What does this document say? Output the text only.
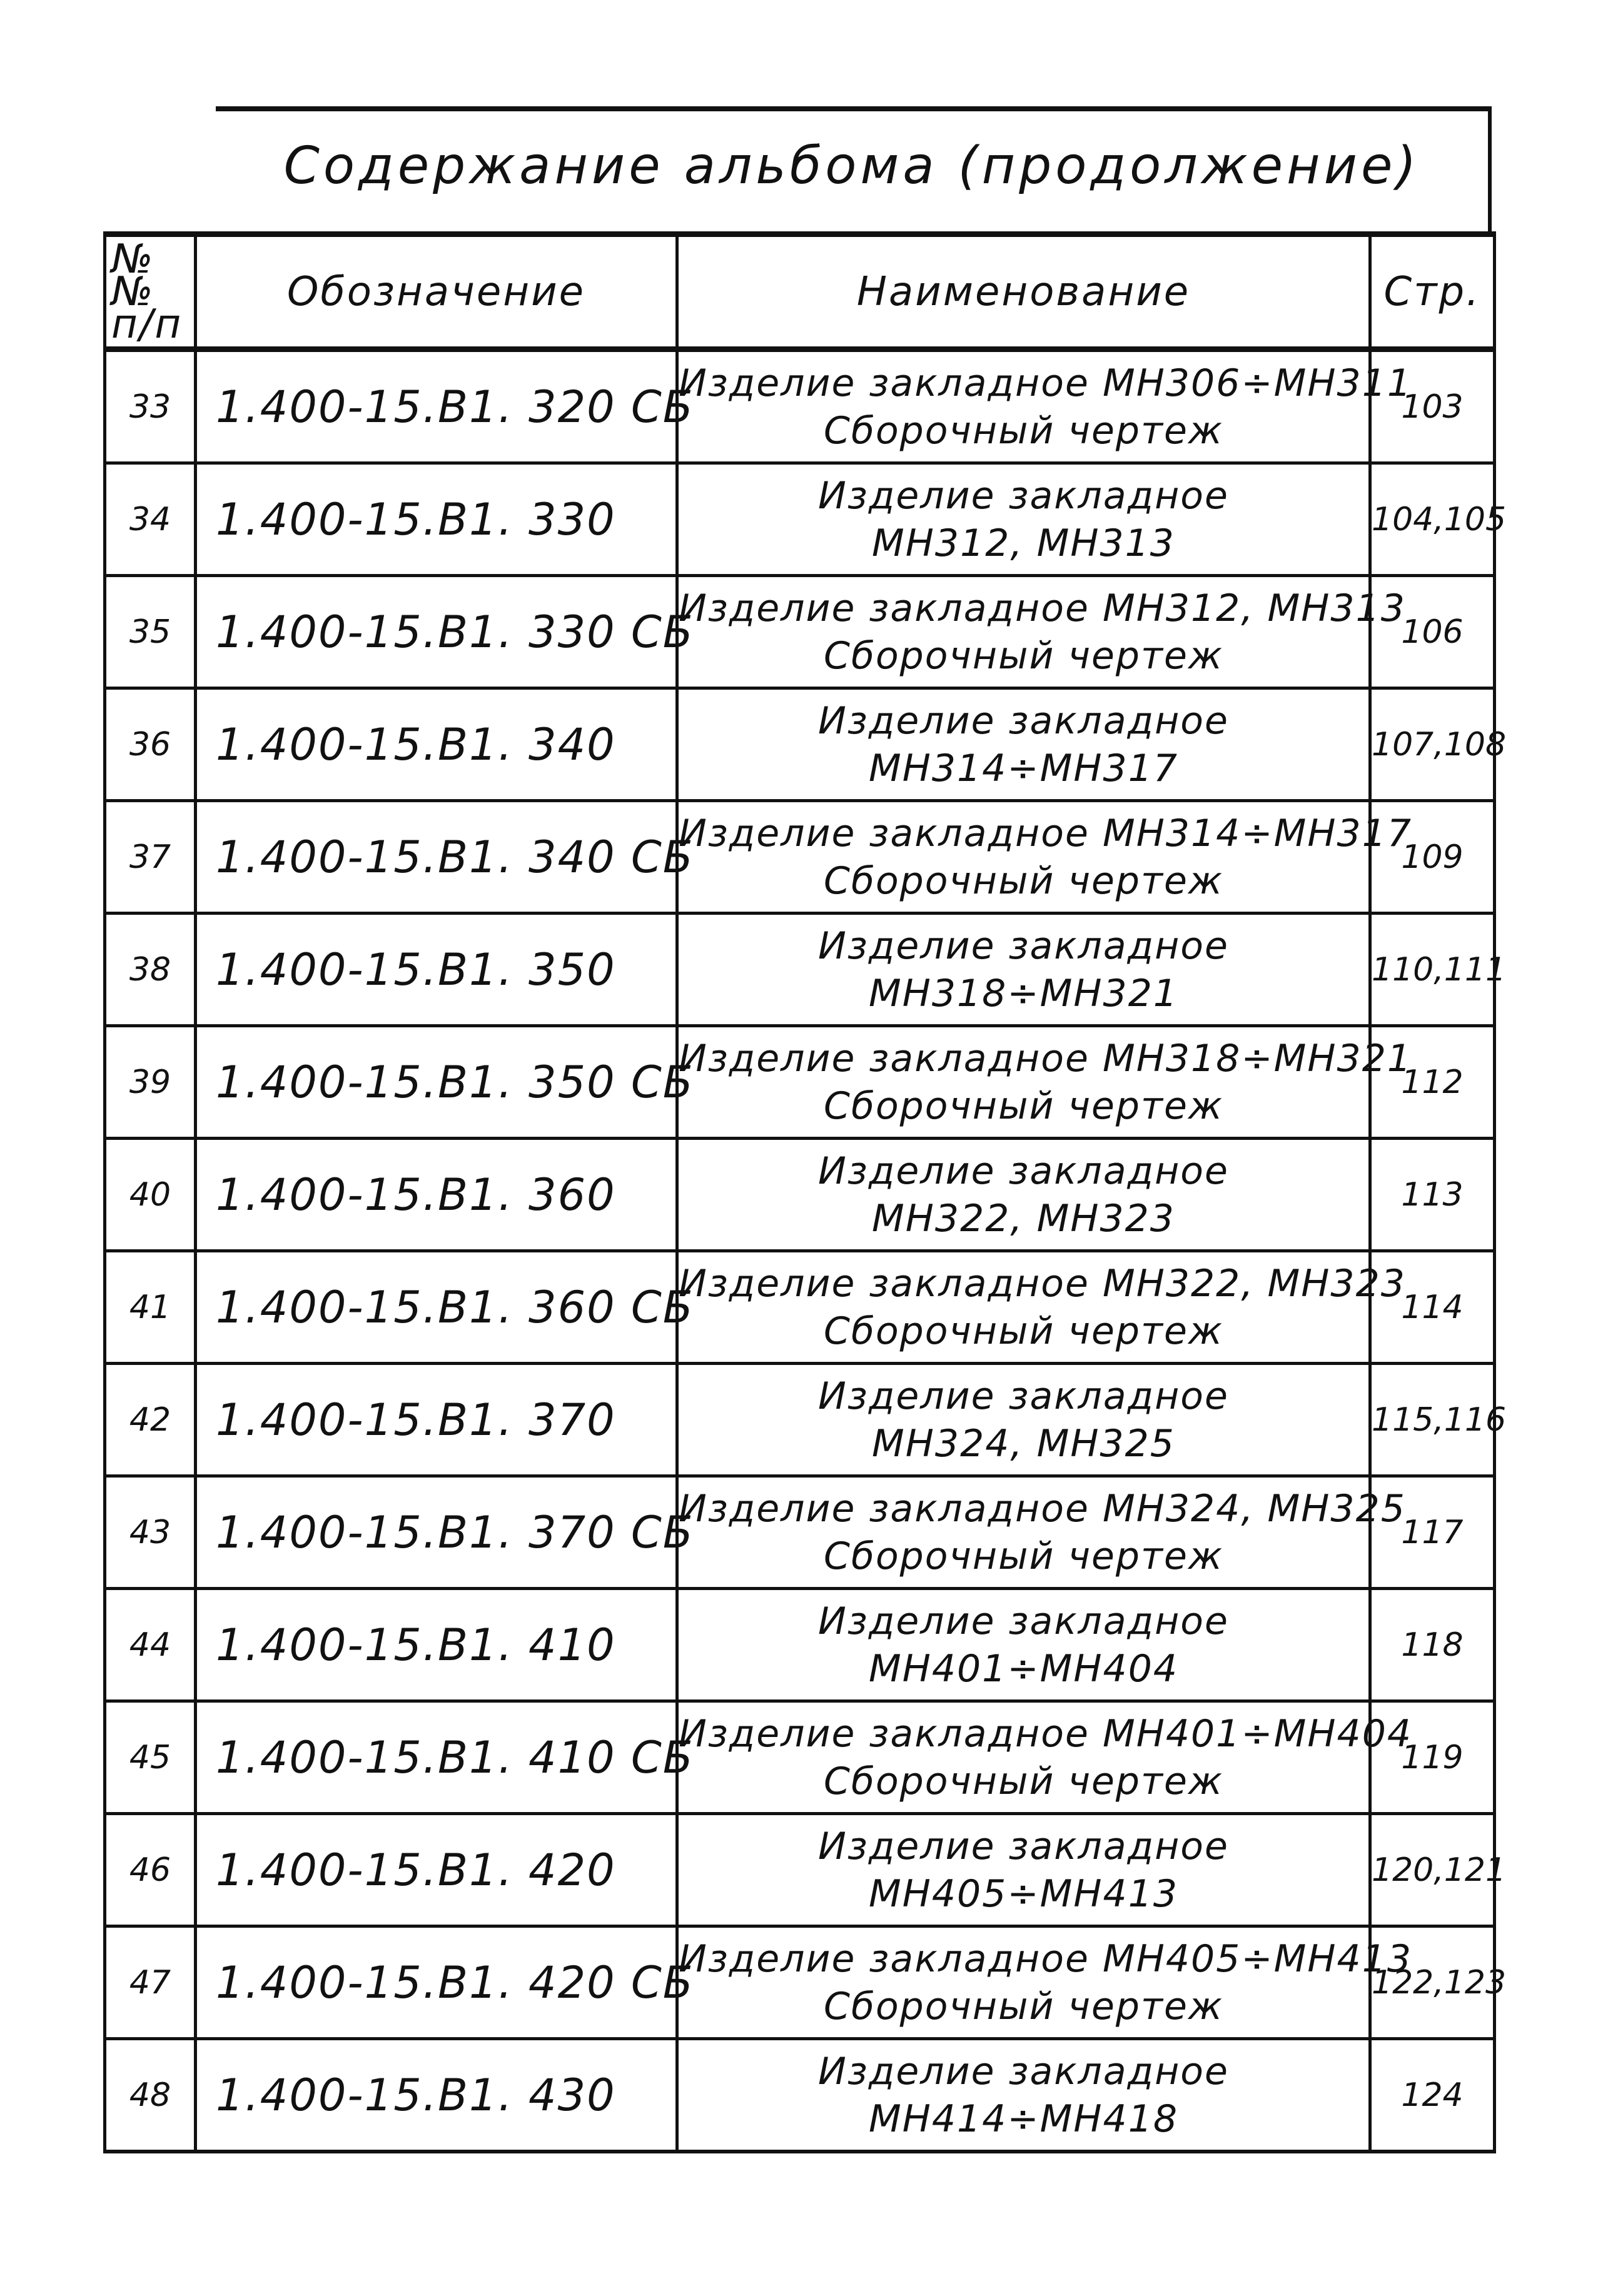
Содержание альбома (продолжение)
№№ п/п	Обозначение	Наименование	Стр.
33	1.400-15.В1. 320 СБ	Изделие закладное МН306÷МН311
Сборочный чертеж	103
34	1.400-15.В1. 330	Изделие закладное
МН312, МН313	104,105
35	1.400-15.В1. 330 СБ	Изделие закладное МН312, МН313
Сборочный чертеж	106
36	1.400-15.В1. 340	Изделие закладное
МН314÷МН317	107,108
37	1.400-15.В1. 340 СБ	Изделие закладное МН314÷МН317
Сборочный чертеж	109
38	1.400-15.В1. 350	Изделие закладное
МН318÷МН321	110,111
39	1.400-15.В1. 350 СБ	Изделие закладное МН318÷МН321
Сборочный чертеж	112
40	1.400-15.В1. 360	Изделие закладное
МН322, МН323	113
41	1.400-15.В1. 360 СБ	Изделие закладное МН322, МН323
Сборочный чертеж	114
42	1.400-15.В1. 370	Изделие закладное
МН324, МН325	115,116
43	1.400-15.В1. 370 СБ	Изделие закладное МН324, МН325
Сборочный чертеж	117
44	1.400-15.В1. 410	Изделие закладное
МН401÷МН404	118
45	1.400-15.В1. 410 СБ	Изделие закладное МН401÷МН404
Сборочный чертеж	119
46	1.400-15.В1. 420	Изделие закладное
МН405÷МН413	120,121
47	1.400-15.В1. 420 СБ	Изделие закладное МН405÷МН413
Сборочный чертеж	122,123
48	1.400-15.В1. 430	Изделие закладное
МН414÷МН418	124
